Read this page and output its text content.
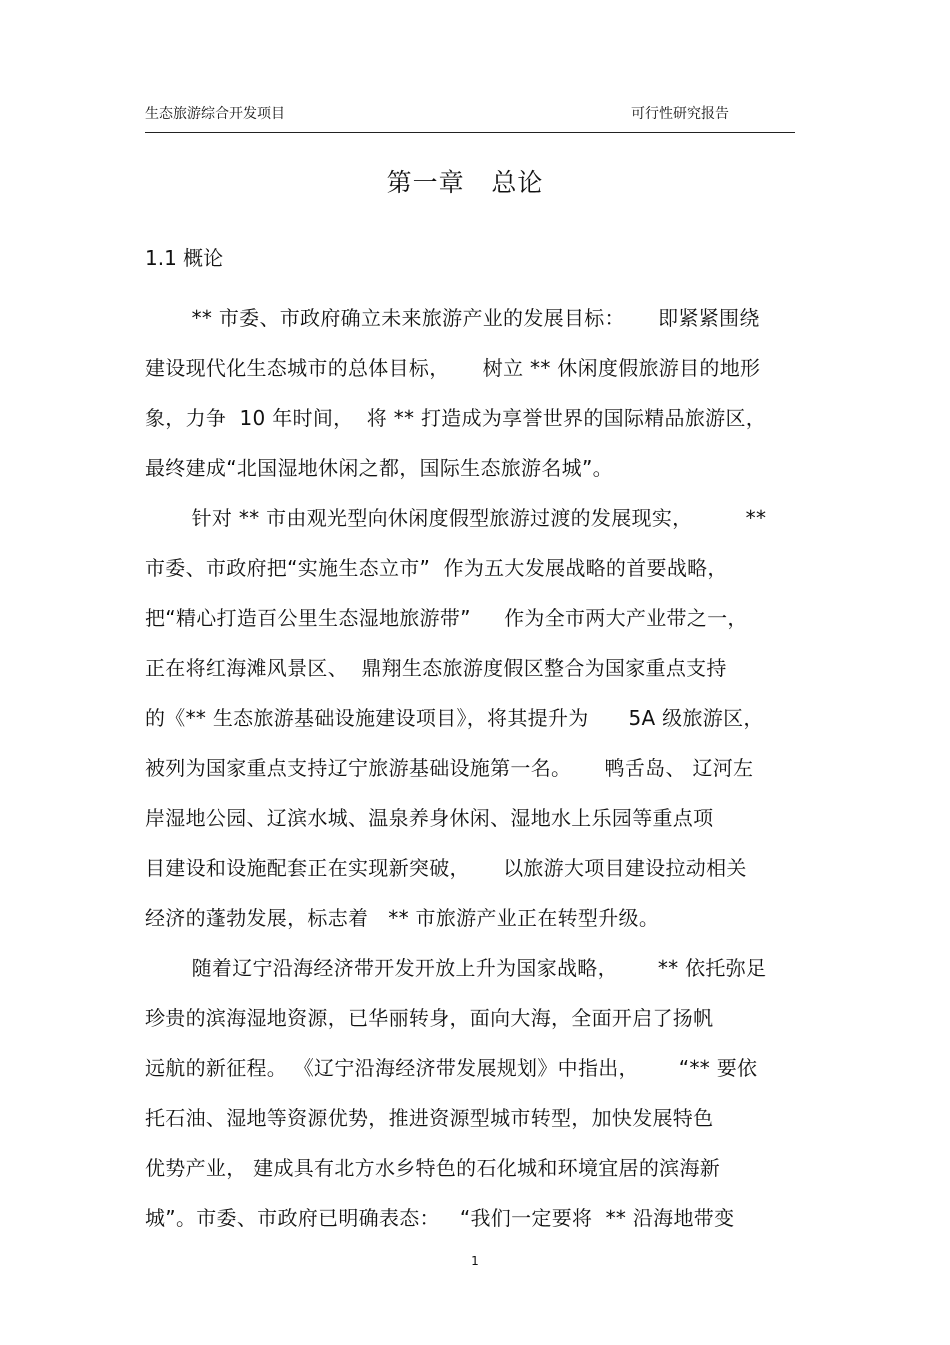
生态旅游综合开发项目	可行性研究报告
第一章   总论
1.1 概论
** 市委、市政府确立未来旅游产业的发展目标：     即紧紧围绕
建设现代化生态城市的总体目标，     树立 ** 休闲度假旅游目的地形
象，力争  10 年时间，  将 ** 打造成为享誉世界的国际精品旅游区，
最终建成“北国湿地休闲之都，国际生态旅游名城”。
针对 ** 市由观光型向休闲度假型旅游过渡的发展现实，        **
市委、市政府把“实施生态立市”  作为五大发展战略的首要战略，
把“精心打造百公里生态湿地旅游带”     作为全市两大产业带之一，
正在将红海滩风景区、  鼎翔生态旅游度假区整合为国家重点支持
的《** 生态旅游基础设施建设项目》，将其提升为      5A 级旅游区，
被列为国家重点支持辽宁旅游基础设施第一名。     鸭舌岛、 辽河左
岸湿地公园、辽滨水城、温泉养身休闲、湿地水上乐园等重点项
目建设和设施配套正在实现新突破，     以旅游大项目建设拉动相关
经济的蓬勃发展，标志着   ** 市旅游产业正在转型升级。
随着辽宁沿海经济带开发开放上升为国家战略，      ** 依托弥足
珍贵的滨海湿地资源，已华丽转身，面向大海，全面开启了扬帆
远航的新征程。 《辽宁沿海经济带发展规划》中指出，      “** 要依
托石油、湿地等资源优势，推进资源型城市转型，加快发展特色
优势产业， 建成具有北方水乡特色的石化城和环境宜居的滨海新
城”。市委、市政府已明确表态：   “我们一定要将  ** 沿海地带变
1
